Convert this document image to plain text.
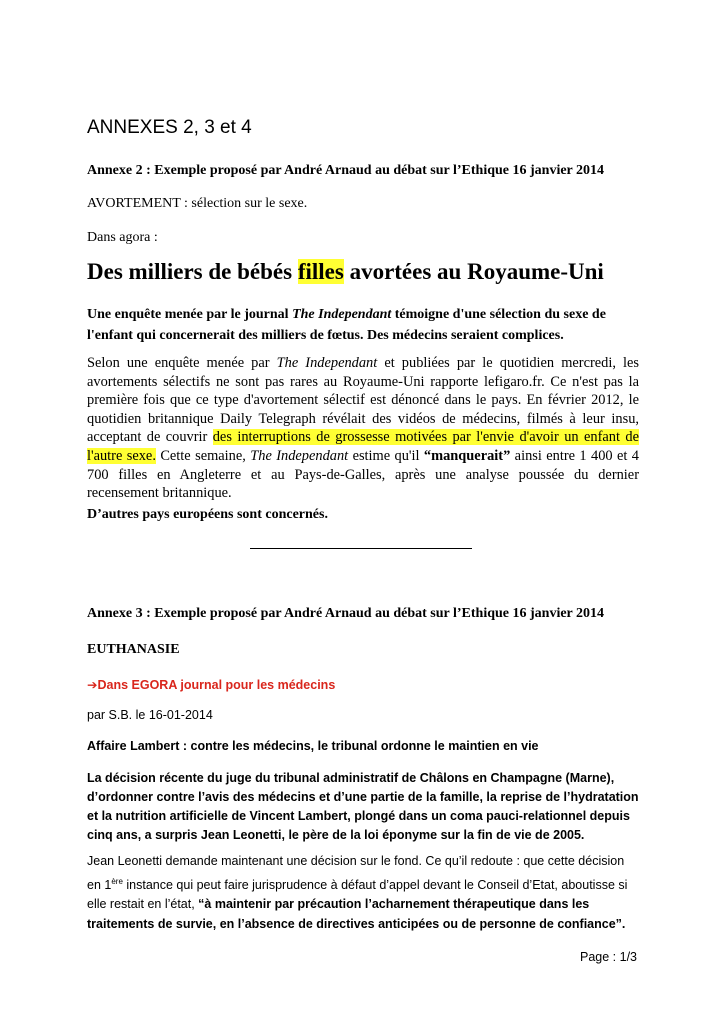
ANNEXES 2, 3 et 4

Annexe 2 : Exemple proposé par André Arnaud au débat sur l’Ethique 16 janvier 2014

AVORTEMENT : sélection sur le sexe.

Dans agora :

Des milliers de bébés filles avortées au Royaume-Uni

Une enquête menée par le journal The Independant témoigne d'une sélection du sexe de l'enfant qui concernerait des milliers de fœtus. Des médecins seraient complices.

Selon une enquête menée par The Independant et publiées par le quotidien mercredi, les avortements sélectifs ne sont pas rares au Royaume-Uni rapporte lefigaro.fr. Ce n'est pas la première fois que ce type d'avortement sélectif est dénoncé dans le pays. En février 2012, le quotidien britannique Daily Telegraph révélait des vidéos de médecins, filmés à leur insu, acceptant de couvrir des interruptions de grossesse motivées par l'envie d'avoir un enfant de l'autre sexe. Cette semaine, The Independant estime qu'il “manquerait” ainsi entre 1 400 et 4 700 filles en Angleterre et au Pays-de-Galles, après une analyse poussée du dernier recensement britannique.

D’autres pays européens sont concernés.

Annexe 3 : Exemple proposé par André Arnaud au débat sur l’Ethique 16 janvier 2014

EUTHANASIE

➔Dans EGORA journal pour les médecins

par S.B. le 16-01-2014

Affaire Lambert : contre les médecins, le tribunal ordonne le maintien en vie

La décision récente du juge du tribunal administratif de Châlons en Champagne (Marne), d’ordonner contre l’avis des médecins et d’une partie de la famille, la reprise de l’hydratation et la nutrition artificielle de Vincent Lambert, plongé dans un coma pauci-relationnel depuis cinq ans, a surpris Jean Leonetti, le père de la loi éponyme sur la fin de vie de 2005.

Jean Leonetti demande maintenant une décision sur le fond. Ce qu’il redoute : que cette décision en 1ère instance qui peut faire jurisprudence à défaut d’appel devant le Conseil d’Etat, aboutisse si elle restait en l’état, “à maintenir par précaution l’acharnement thérapeutique dans les traitements de survie, en l’absence de directives anticipées ou de personne de confiance”.

Page : 1/3
